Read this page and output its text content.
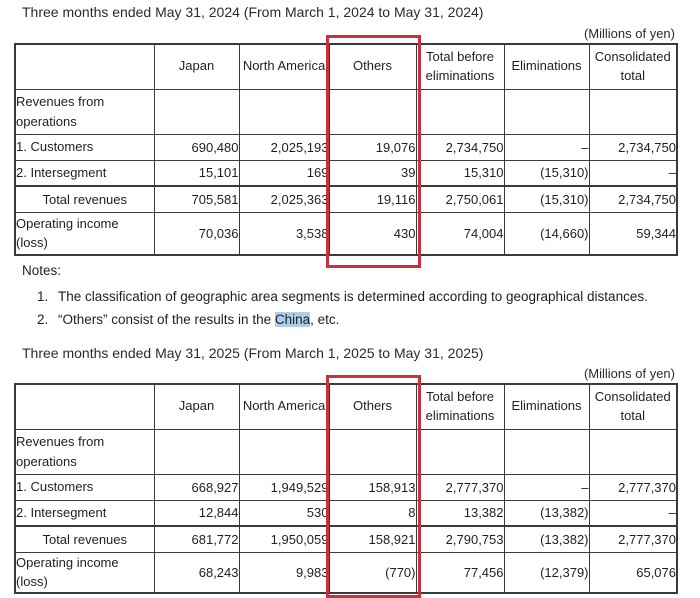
Three months ended May 31, 2024 (From March 1, 2024 to May 31, 2024)
(Millions of yen)
	Japan	North America	Others	Total before eliminations	Eliminations	Consolidated total
Revenues from operations						
1. Customers	690,480	2,025,193	19,076	2,734,750	–	2,734,750
2. Intersegment	15,101	169	39	15,310	(15,310)	–
Total revenues	705,581	2,025,363	19,116	2,750,061	(15,310)	2,734,750
Operating income (loss)	70,036	3,538	430	74,004	(14,660)	59,344
Notes:
1. The classification of geographic area segments is determined according to geographical distances.
2. “Others” consist of the results in the China, etc.
Three months ended May 31, 2025 (From March 1, 2025 to May 31, 2025)
(Millions of yen)
	Japan	North America	Others	Total before eliminations	Eliminations	Consolidated total
Revenues from operations						
1. Customers	668,927	1,949,529	158,913	2,777,370	–	2,777,370
2. Intersegment	12,844	530	8	13,382	(13,382)	–
Total revenues	681,772	1,950,059	158,921	2,790,753	(13,382)	2,777,370
Operating income (loss)	68,243	9,983	(770)	77,456	(12,379)	65,076
